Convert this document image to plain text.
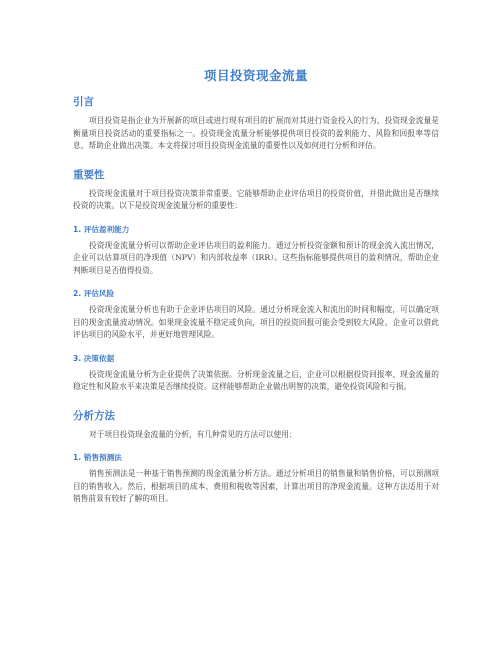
项目投资现金流量
引言

项目投资是指企业为开展新的项目或进行现有项目的扩展而对其进行资金投入的行为，投资现金流量是衡量项目投资活动的重要指标之一。投资现金流量分析能够提供项目投资的盈利能力、风险和回报率等信息，帮助企业做出决策。本文将探讨项目投资现金流量的重要性以及如何进行分析和评估。

重要性

投资现金流量对于项目投资决策非常重要。它能够帮助企业评估项目的投资价值，并借此做出是否继续投资的决策。以下是投资现金流量分析的重要性：

1. 评估盈利能力

投资现金流量分析可以帮助企业评估项目的盈利能力。通过分析投资金额和预计的现金流入流出情况，企业可以估算项目的净现值（NPV）和内部收益率（IRR）。这些指标能够提供项目的盈利情况，帮助企业判断项目是否值得投资。

2. 评估风险

投资现金流量分析也有助于企业评估项目的风险。通过分析现金流入和流出的时间和幅度，可以确定项目的现金流量波动情况。如果现金流量不稳定或负向，项目的投资回报可能会受到较大风险。企业可以借此评估项目的风险水平，并更好地管理风险。

3. 决策依据

投资现金流量分析为企业提供了决策依据。分析现金流量之后，企业可以根据投资回报率、现金流量的稳定性和风险水平来决策是否继续投资。这样能够帮助企业做出明智的决策，避免投资风险和亏损。

分析方法

对于项目投资现金流量的分析，有几种常见的方法可以使用：

1. 销售预测法

销售预测法是一种基于销售预测的现金流量分析方法。通过分析项目的销售量和销售价格，可以预测项目的销售收入。然后，根据项目的成本、费用和税收等因素，计算出项目的净现金流量。这种方法适用于对销售前景有较好了解的项目。
